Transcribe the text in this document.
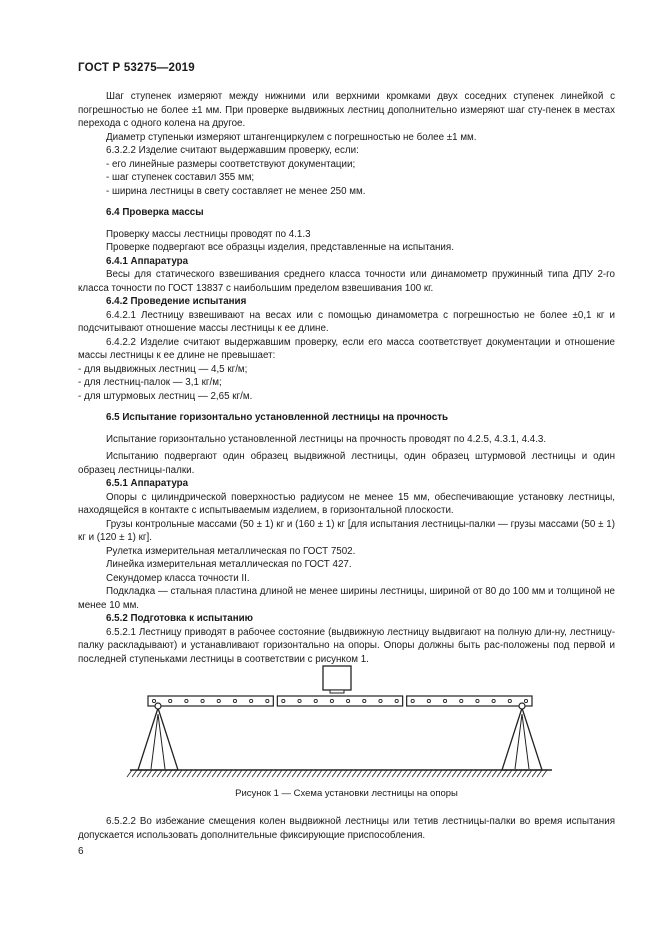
ГОСТ Р 53275—2019

Шаг ступенек измеряют между нижними или верхними кромками двух соседних ступенек линейкой с погрешностью не более ±1 мм. При проверке выдвижных лестниц дополнительно измеряют шаг сту-пенек в местах перехода с одного колена на другое.

Диаметр ступеньки измеряют штангенциркулем с погрешностью не более ±1 мм.

6.3.2.2 Изделие считают выдержавшим проверку, если:

- его линейные размеры соответствуют документации;

- шаг ступенек составил 355 мм;

- ширина лестницы в свету составляет не менее 250 мм.

6.4 Проверка массы

Проверку массы лестницы проводят по 4.1.3

Проверке подвергают все образцы изделия, представленные на испытания.

6.4.1 Аппаратура

Весы для статического взвешивания среднего класса точности или динамометр пружинный типа ДПУ 2-го класса точности по ГОСТ 13837 с наибольшим пределом взвешивания 100 кг.

6.4.2 Проведение испытания

6.4.2.1 Лестницу взвешивают на весах или с помощью динамометра с погрешностью не более ±0,1 кг и подсчитывают отношение массы лестницы к ее длине.

6.4.2.2 Изделие считают выдержавшим проверку, если его масса соответствует документации и отношение массы лестницы к ее длине не превышает:

- для выдвижных лестниц — 4,5 кг/м;

- для лестниц-палок — 3,1 кг/м;

- для штурмовых лестниц — 2,65 кг/м.

6.5 Испытание горизонтально установленной лестницы на прочность

Испытание горизонтально установленной лестницы на прочность проводят по 4.2.5, 4.3.1, 4.4.3.

Испытанию подвергают один образец выдвижной лестницы, один образец штурмовой лестницы и один образец лестницы-палки.

6.5.1 Аппаратура

Опоры с цилиндрической поверхностью радиусом не менее 15 мм, обеспечивающие установку лестницы, находящейся в контакте с испытываемым изделием, в горизонтальной плоскости.

Грузы контрольные массами (50 ± 1) кг и (160 ± 1) кг [для испытания лестницы-палки — грузы массами (50 ± 1) кг и (120 ± 1) кг].

Рулетка измерительная металлическая по ГОСТ 7502.

Линейка измерительная металлическая по ГОСТ 427.

Секундомер класса точности II.

Подкладка — стальная пластина длиной не менее ширины лестницы, шириной от 80 до 100 мм и толщиной не менее 10 мм.

6.5.2 Подготовка к испытанию

6.5.2.1 Лестницу приводят в рабочее состояние (выдвижную лестницу выдвигают на полную дли-ну, лестницу-палку раскладывают) и устанавливают горизонтально на опоры. Опоры должны быть рас-положены под первой и последней ступеньками лестницы в соответствии с рисунком 1.

Рисунок 1 — Схема установки лестницы на опоры

6.5.2.2 Во избежание смещения колен выдвижной лестницы или тетив лестницы-палки во время испытания допускается использовать дополнительные фиксирующие приспособления.

6
